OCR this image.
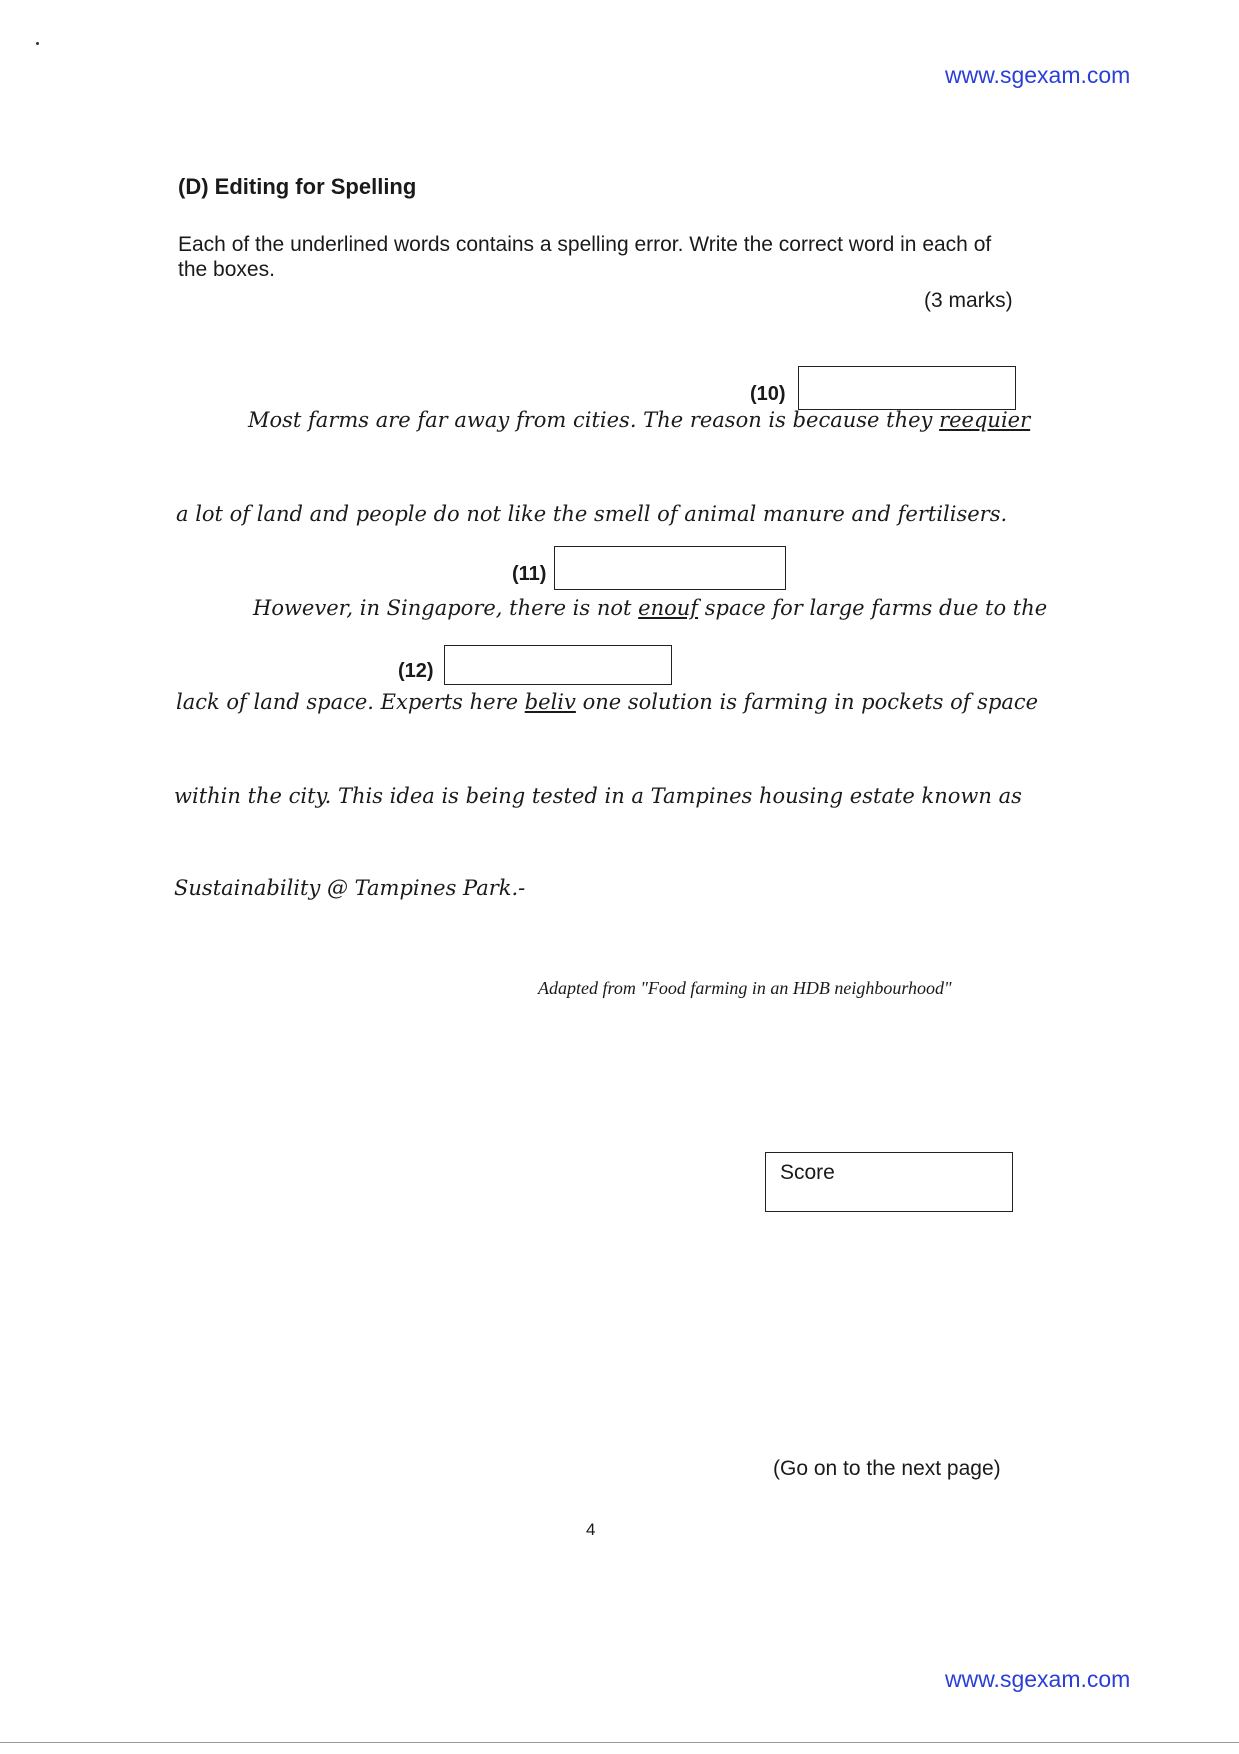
www.sgexam.com
(D) Editing for Spelling
Each of the underlined words contains a spelling error. Write the correct word in each of the boxes.
(3 marks)
(10)
Most farms are far away from cities. The reason is because they reequier
a lot of land and people do not like the smell of animal manure and fertilisers.
(11)
However, in Singapore, there is not enouf space for large farms due to the
(12)
lack of land space. Experts here beliv one solution is farming in pockets of space
within the city. This idea is being tested in a Tampines housing estate known as
Sustainability @ Tampines Park.-
Adapted from "Food farming in an HDB neighbourhood"
Score
(Go on to the next page)
4
www.sgexam.com
